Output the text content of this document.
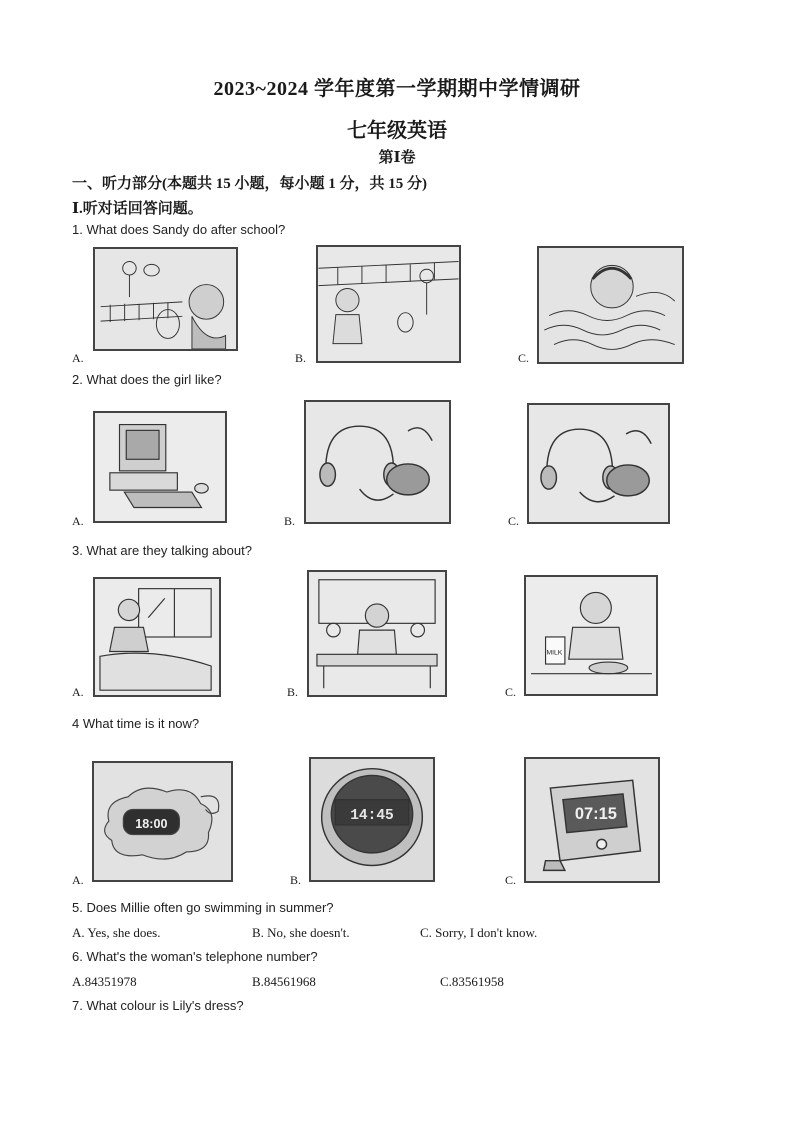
2023~2024 学年度第一学期期中学情调研
七年级英语
第Ⅰ卷
一、听力部分(本题共 15 小题，每小题 1 分，共 15 分)
Ⅰ.听对话回答问题。
1. What does Sandy do after school?
A.	B.	C.
2. What does the girl like?
A.	B.	C.
3. What are they talking about?
A.	B.
MILK
C.
4 What time is it now?
18:00
A.
14:45
B.
07:15
C.
5. Does Millie often go swimming in summer?
A. Yes, she does.	B. No, she doesn't.	C. Sorry, I don't know.
6. What's the woman's telephone number?
A.84351978	B.84561968	C.83561958
7. What colour is Lily's dress?
